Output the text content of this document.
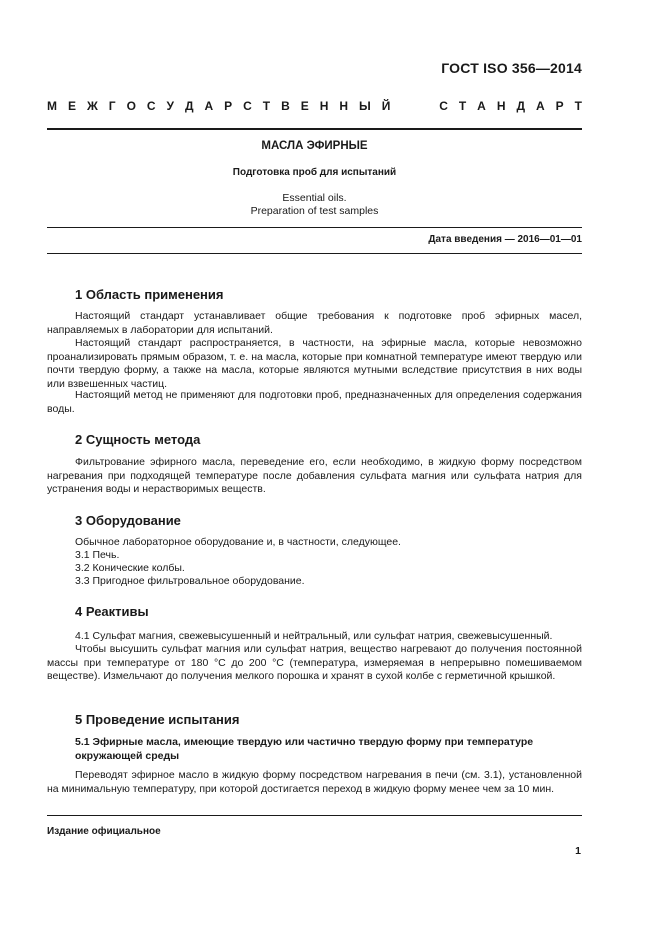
ГОСТ ISO 356—2014
М Е Ж Г О С У Д А Р С Т В Е Н Н Ы Й	С Т А Н Д А Р Т
МАСЛА ЭФИРНЫЕ
Подготовка проб для испытаний
Essential oils.
Preparation of test samples
Дата введения — 2016—01—01
1 Область применения

Настоящий стандарт устанавливает общие требования к подготовке проб эфирных масел, направляемых в лаборатории для испытаний.

Настоящий стандарт распространяется, в частности, на эфирные масла, которые невозможно проанализировать прямым образом, т. е. на масла, которые при комнатной температуре имеют твердую или почти твердую форму, а также на масла, которые являются мутными вследствие присутствия в них воды или взвешенных частиц.

Настоящий метод не применяют для подготовки проб, предназначенных для определения содержания воды.

2 Сущность метода

Фильтрование эфирного масла, переведение его, если необходимо, в жидкую форму посредством нагревания при подходящей температуре после добавления сульфата магния или сульфата натрия для устранения воды и нерастворимых веществ.

3 Оборудование
Обычное лабораторное оборудование и, в частности, следующее.
3.1 Печь.
3.2 Конические колбы.
3.3 Пригодное фильтровальное оборудование.
4 Реактивы
4.1 Сульфат магния, свежевысушенный и нейтральный, или сульфат натрия, свежевысушенный.

Чтобы высушить сульфат магния или сульфат натрия, вещество нагревают до получения постоянной массы при температуре от 180 °С до 200 °С (температура, измеряемая в непрерывно помешиваемом веществе). Измельчают до получения мелкого порошка и хранят в сухой колбе с герметичной крышкой.

5 Проведение испытания
5.1 Эфирные масла, имеющие твердую или частично твердую форму при температуре окружающей среды

Переводят эфирное масло в жидкую форму посредством нагревания в печи (см. 3.1), установленной на минимальную температуру, при которой достигается переход в жидкую форму менее чем за 10 мин.

Издание официальное
1
